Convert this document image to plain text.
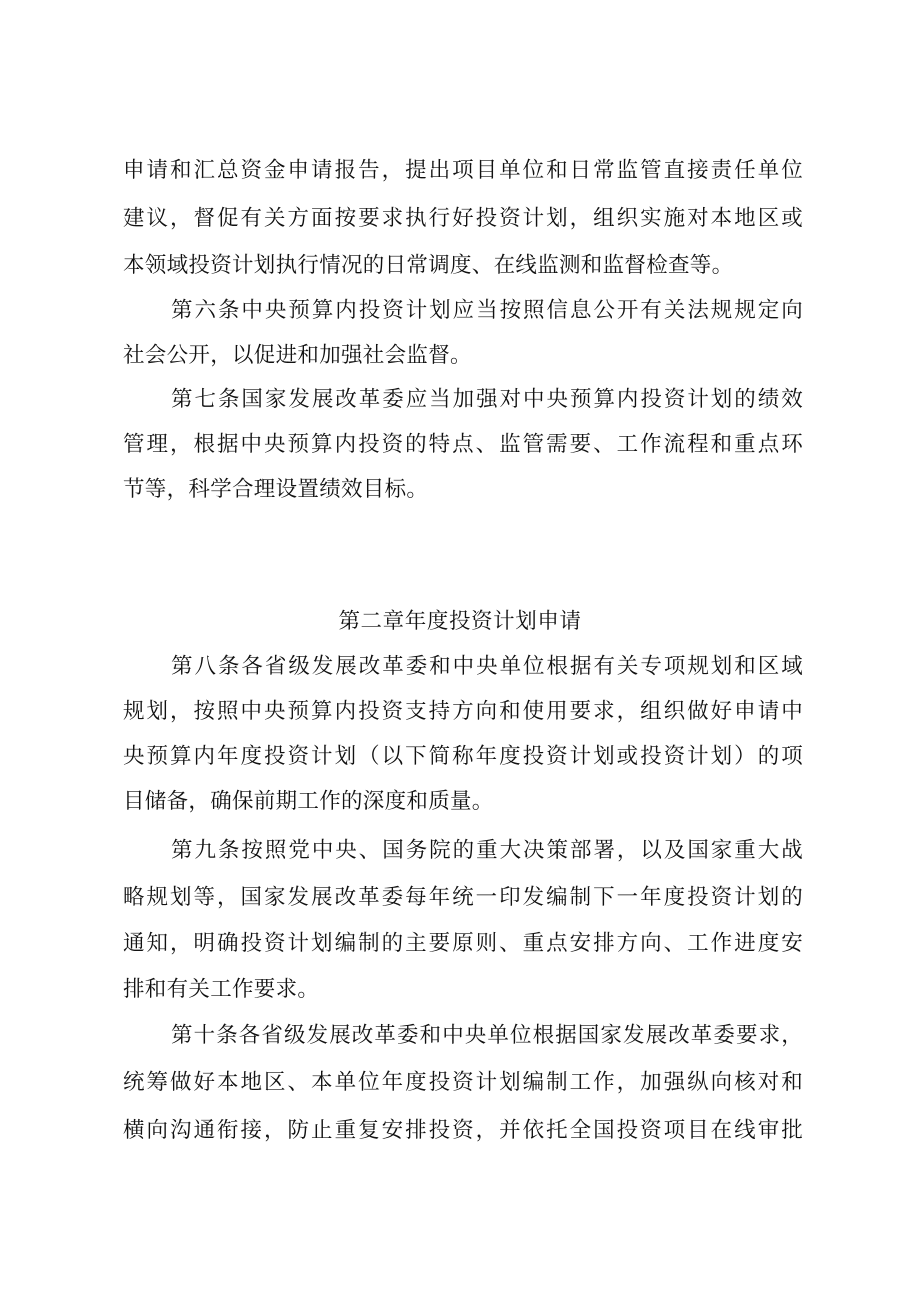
申请和汇总资金申请报告，提出项目单位和日常监管直接责任单位
建议，督促有关方面按要求执行好投资计划，组织实施对本地区或
本领域投资计划执行情况的日常调度、在线监测和监督检查等。
第六条中央预算内投资计划应当按照信息公开有关法规规定向
社会公开，以促进和加强社会监督。
第七条国家发展改革委应当加强对中央预算内投资计划的绩效
管理，根据中央预算内投资的特点、监管需要、工作流程和重点环
节等，科学合理设置绩效目标。
第二章年度投资计划申请
第八条各省级发展改革委和中央单位根据有关专项规划和区域
规划，按照中央预算内投资支持方向和使用要求，组织做好申请中
央预算内年度投资计划（以下简称年度投资计划或投资计划）的项
目储备，确保前期工作的深度和质量。
第九条按照党中央、国务院的重大决策部署，以及国家重大战
略规划等，国家发展改革委每年统一印发编制下一年度投资计划的
通知，明确投资计划编制的主要原则、重点安排方向、工作进度安
排和有关工作要求。
第十条各省级发展改革委和中央单位根据国家发展改革委要求，
统筹做好本地区、本单位年度投资计划编制工作，加强纵向核对和
横向沟通衔接，防止重复安排投资，并依托全国投资项目在线审批
